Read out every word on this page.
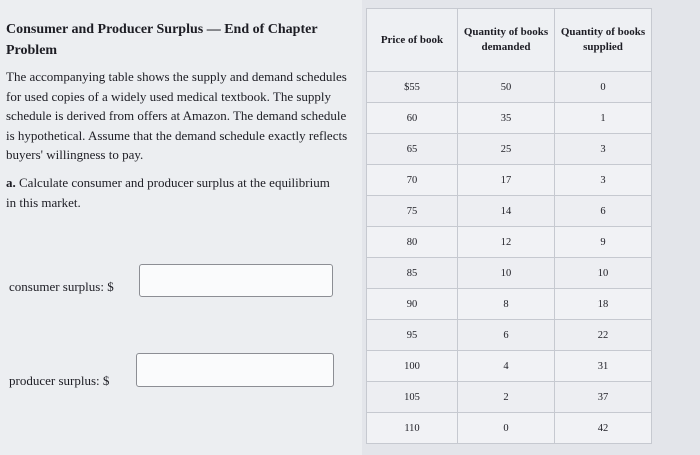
Consumer and Producer Surplus — End of Chapter Problem
The accompanying table shows the supply and demand schedules for used copies of a widely used medical textbook. The supply schedule is derived from offers at Amazon. The demand schedule is hypothetical. Assume that the demand schedule exactly reflects buyers' willingness to pay.
a. Calculate consumer and producer surplus at the equilibrium in this market.
consumer surplus: $
producer surplus: $
Price of book	Quantity of books demanded	Quantity of books supplied
$55	50	0
60	35	1
65	25	3
70	17	3
75	14	6
80	12	9
85	10	10
90	8	18
95	6	22
100	4	31
105	2	37
110	0	42
